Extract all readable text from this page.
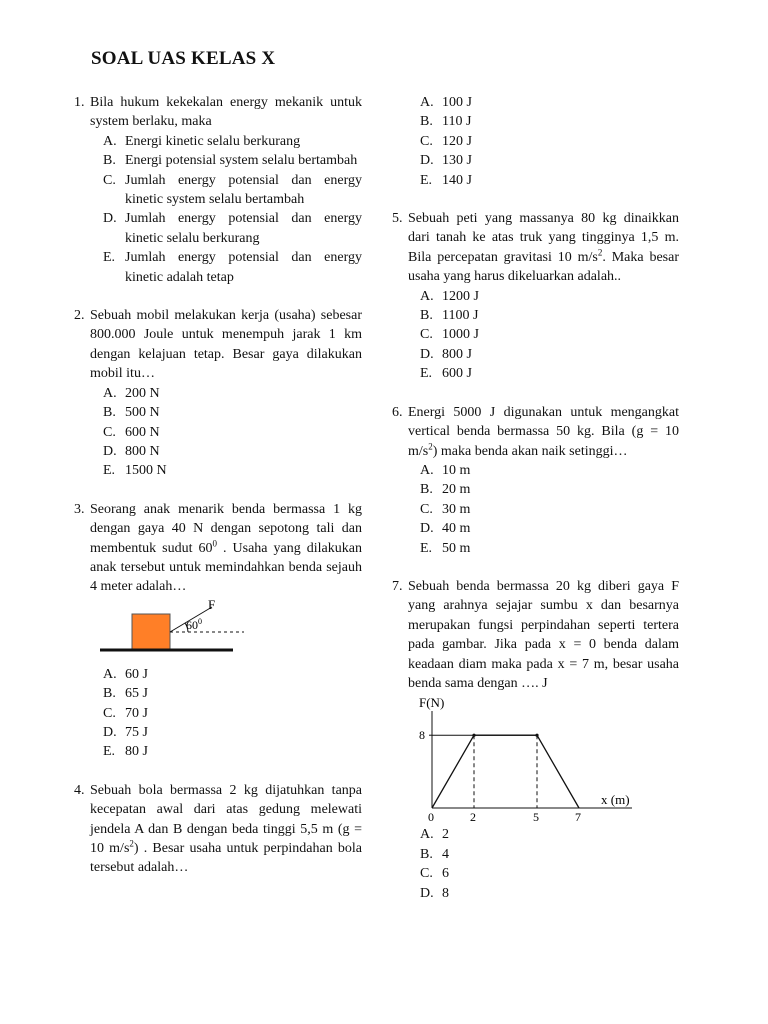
SOAL UAS KELAS X
1. Bila hukum kekekalan energy mekanik untuk system berlaku, maka
A. Energi kinetic selalu berkurang
B. Energi potensial system selalu bertambah
C. Jumlah energy potensial dan energy kinetic system selalu bertambah
D. Jumlah energy potensial dan energy kinetic selalu berkurang
E. Jumlah energy potensial dan energy kinetic adalah tetap
2. Sebuah mobil melakukan kerja (usaha) sebesar 800.000 Joule untuk menempuh jarak 1 km dengan kelajuan tetap. Besar gaya dilakukan mobil itu…
A. 200 N
B. 500 N
C. 600 N
D. 800 N
E. 1500 N
3. Seorang anak menarik benda bermassa 1 kg dengan gaya 40 N dengan sepotong tali dan membentuk sudut $60^0$ . Usaha yang dilakukan anak tersebut untuk memindahkan benda sejauh 4 meter adalah…
F
$60^0$
A. 60 J
B. 65 J
C. 70 J
D. 75 J
E. 80 J
4. Sebuah bola bermassa 2 kg dijatuhkan tanpa kecepatan awal dari atas gedung melewati jendela A dan B dengan beda tinggi 5,5 m (g = 10 $m/s^2$) . Besar usaha untuk perpindahan bola tersebut adalah…
A. 100 J
B. 110 J
C. 120 J
D. 130 J
E. 140 J
5. Sebuah peti yang massanya 80 kg dinaikkan dari tanah ke atas truk yang tingginya 1,5 m. Bila percepatan gravitasi 10 $m/s^2$. Maka besar usaha yang harus dikeluarkan adalah..
A. 1200 J
B. 1100 J
C. 1000 J
D. 800 J
E. 600 J
6. Energi 5000 J digunakan untuk mengangkat vertical benda bermassa 50 kg. Bila (g = 10 $m/s^2$) maka benda akan naik setinggi…
A. 10 m
B. 20 m
C. 30 m
D. 40 m
E. 50 m
7. Sebuah benda bermassa 20 kg diberi gaya F yang arahnya sejajar sumbu x dan besarnya merupakan fungsi perpindahan seperti tertera pada gambar. Jika pada x = 0 benda dalam keadaan diam maka pada x = 7 m, besar usaha benda sama dengan …. J
F(N)
x (m)
0	2	5	7
8
A. 2
B. 4
C. 6
D. 8
